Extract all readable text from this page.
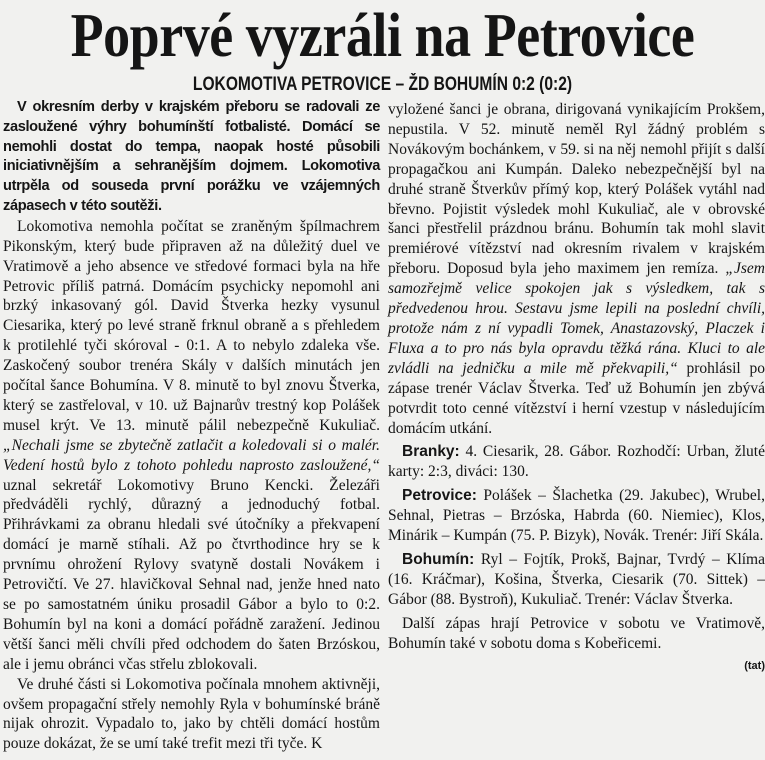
Poprvé vyzráli na Petrovice
LOKOMOTIVA PETROVICE – ŽD BOHUMÍN 0:2 (0:2)

V okresním derby v krajském přeboru se radovali ze zasloužené výhry bohumínští fotbalisté. Domácí se nemohli dostat do tempa, naopak hosté působili iniciativnějším a sehranějším dojmem. Lokomotiva utrpěla od souseda první porážku ve vzájemných zápasech v této soutěži.

Lokomotiva nemohla počítat se zraněným špílmachrem Pikonským, který bude připraven až na důležitý duel ve Vratimově a jeho absence ve středové formaci byla na hře Petrovic příliš patrná. Domácím psychicky nepomohl ani brzký inkasovaný gól. David Štverka hezky vysunul Ciesarika, který po levé straně frknul obraně a s přehledem k protilehlé tyči skóroval - 0:1. A to nebylo zdaleka vše. Zaskočený soubor trenéra Skály v dalších minutách jen počítal šance Bohumína. V 8. minutě to byl znovu Štverka, který se zastřeloval, v 10. už Bajnarův trestný kop Polášek musel krýt. Ve 13. minutě pálil nebezpečně Kukuliač. „Nechali jsme se zbytečně zatlačit a koledovali si o malér. Vedení hostů bylo z tohoto pohledu naprosto zasloužené,“ uznal sekretář Lokomotivy Bruno Kencki. Železáři předváděli rychlý, důrazný a jednoduchý fotbal. Přihrávkami za obranu hledali své útočníky a překvapení domácí je marně stíhali. Až po čtvrthodince hry se k prvnímu ohrožení Rylovy svatyně dostali Novákem i Petrovičtí. Ve 27. hlavičkoval Sehnal nad, jenže hned nato se po samostatném úniku prosadil Gábor a bylo to 0:2. Bohumín byl na koni a domácí pořádně zaražení. Jedinou větší šanci měli chvíli před odchodem do šaten Brzóskou, ale i jemu obránci včas střelu zblokovali.

Ve druhé části si Lokomotiva počínala mnohem aktivněji, ovšem propagační střely nemohly Ryla v bohumínské bráně nijak ohrozit. Vypadalo to, jako by chtěli domácí hostům pouze dokázat, že se umí také trefit mezi tři tyče. K

vyložené šanci je obrana, dirigovaná vynikajícím Prokšem, nepustila. V 52. minutě neměl Ryl žádný problém s Novákovým bochánkem, v 59. si na něj nemohl přijít s další propagačkou ani Kumpán. Daleko nebezpečnější byl na druhé straně Štverkův přímý kop, který Polášek vytáhl nad břevno. Pojistit výsledek mohl Kukuliač, ale v obrovské šanci přestřelil prázdnou bránu. Bohumín tak mohl slavit premiérové vítězství nad okresním rivalem v krajském přeboru. Doposud byla jeho maximem jen remíza. „Jsem samozřejmě velice spokojen jak s výsledkem, tak s předvedenou hrou. Sestavu jsme lepili na poslední chvíli, protože nám z ní vypadli Tomek, Anastazovský, Placzek i Fluxa a to pro nás byla opravdu těžká rána. Kluci to ale zvládli na jedničku a mile mě překvapili,“ prohlásil po zápase trenér Václav Štverka. Teď už Bohumín jen zbývá potvrdit toto cenné vítězství i herní vzestup v následujícím domácím utkání.

Branky: 4. Ciesarik, 28. Gábor. Rozhodčí: Urban, žluté karty: 2:3, diváci: 130.

Petrovice: Polášek – Šlachetka (29. Jakubec), Wrubel, Sehnal, Pietras – Brzóska, Habrda (60. Niemiec), Klos, Minárik – Kumpán (75. P. Bizyk), Novák. Trenér: Jiří Skála.

Bohumín: Ryl – Fojtík, Prokš, Bajnar, Tvrdý – Klíma (16. Kráčmar), Košina, Štverka, Ciesarik (70. Sittek) – Gábor (88. Bystroň), Kukuliač. Trenér: Václav Štverka.

Další zápas hrají Petrovice v sobotu ve Vratimově, Bohumín také v sobotu doma s Kobeřicemi.

(tat)
